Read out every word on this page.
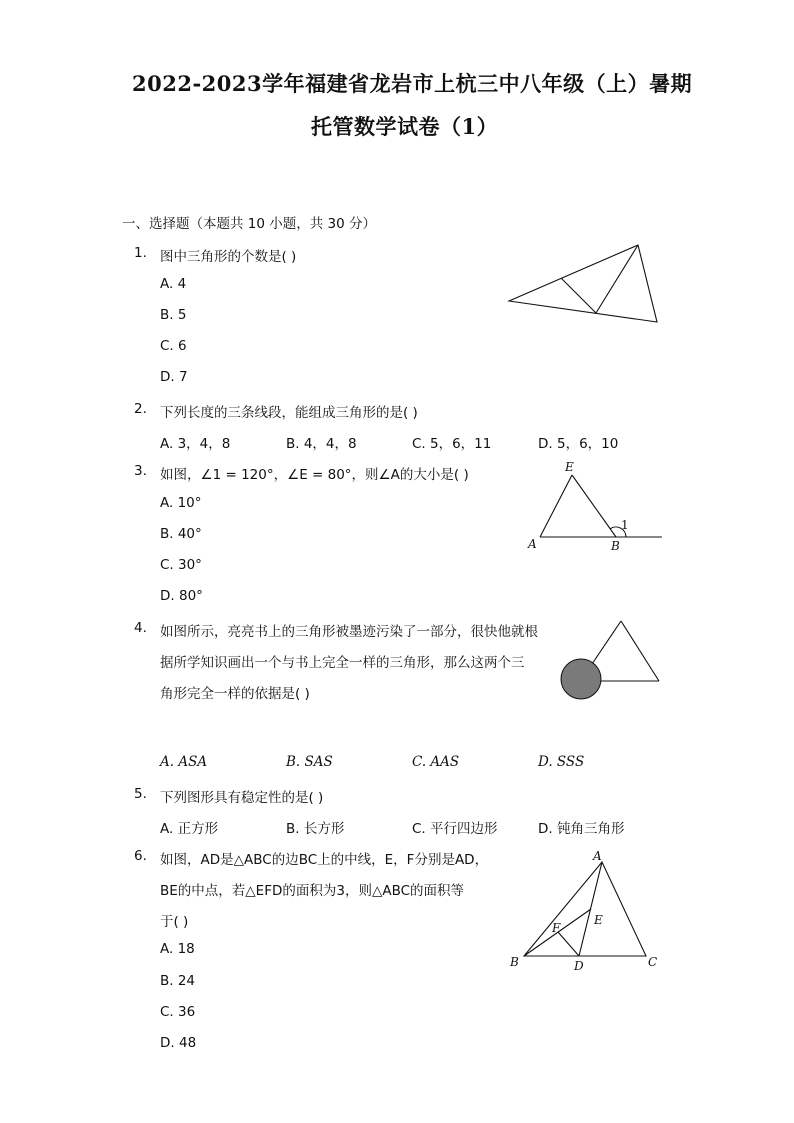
2022-2023学年福建省龙岩市上杭三中八年级（上）暑期
托管数学试卷（1）
一、选择题（本题共 10 小题，共 30 分）
1. 图中三角形的个数是( )
A. 4
B. 5
C. 6
D. 7
2. 下列长度的三条线段，能组成三角形的是( )
A. 3，4，8	B. 4，4，8	C. 5，6，11	D. 5，6，10
3. 如图，∠1 = 120°，∠E = 80°，则∠A的大小是( )
A. 10°
B. 40°
C. 30°
D. 80°
E
A	B
1
4. 如图所示，亮亮书上的三角形被墨迹污染了一部分，很快他就根
据所学知识画出一个与书上完全一样的三角形，那么这两个三
角形完全一样的依据是( )
A. ASA	B. SAS	C. AAS	D. SSS
5. 下列图形具有稳定性的是( )
A. 正方形	B. 长方形	C. 平行四边形	D. 钝角三角形
6. 如图，AD是△ABC的边BC上的中线，E，F分别是AD，
BE的中点，若△EFD的面积为3，则△ABC的面积等
于( )
A. 18
B. 24
C. 36
D. 48
A
B	C
D
E
F
